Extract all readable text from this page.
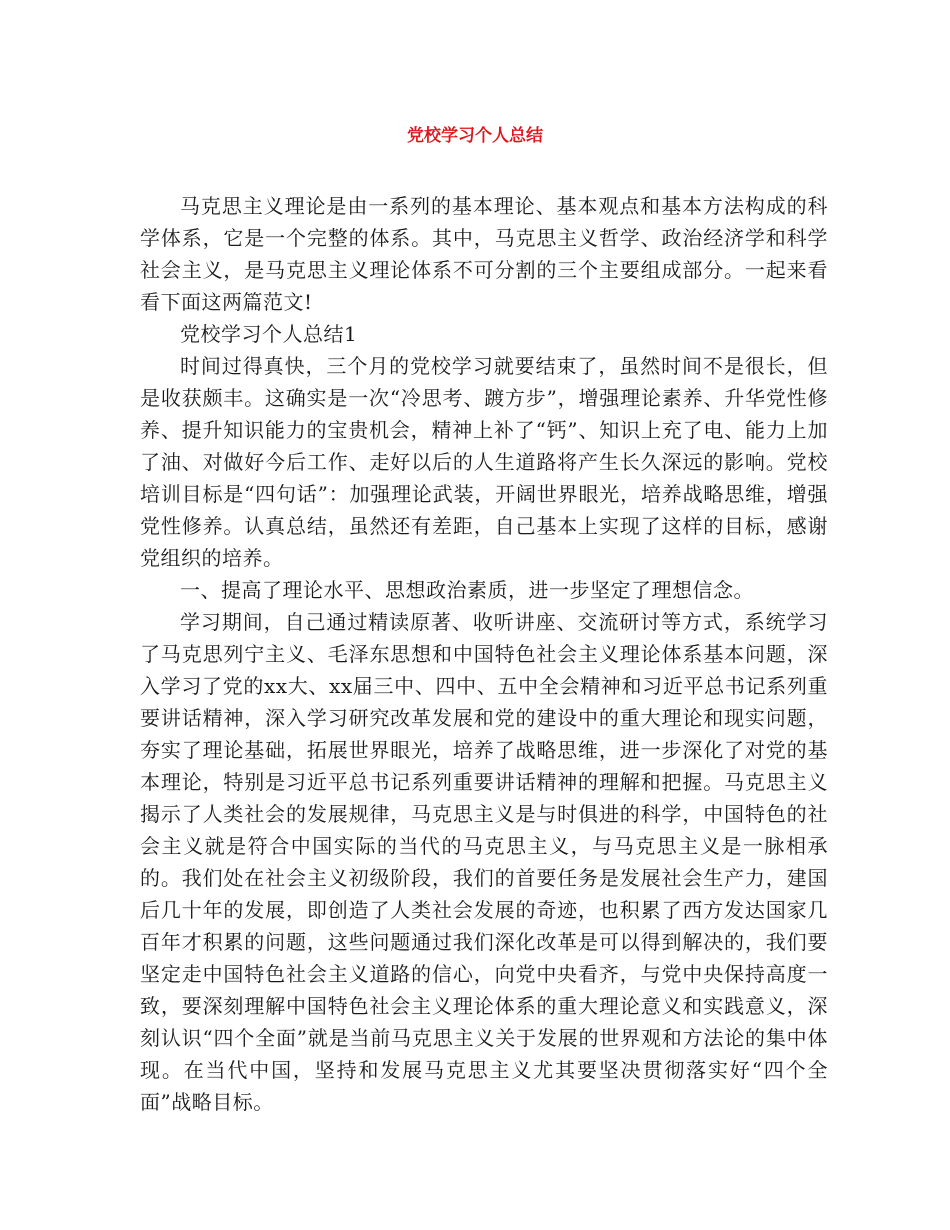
党校学习个人总结

马克思主义理论是由一系列的基本理论、基本观点和基本方法构成的科学体系，它是一个完整的体系。其中，马克思主义哲学、政治经济学和科学社会主义，是马克思主义理论体系不可分割的三个主要组成部分。一起来看看下面这两篇范文!

党校学习个人总结1

时间过得真快，三个月的党校学习就要结束了，虽然时间不是很长，但是收获颇丰。这确实是一次“冷思考、踱方步”，增强理论素养、升华党性修养、提升知识能力的宝贵机会，精神上补了“钙”、知识上充了电、能力上加了油、对做好今后工作、走好以后的人生道路将产生长久深远的影响。党校培训目标是“四句话”：加强理论武装，开阔世界眼光，培养战略思维，增强党性修养。认真总结，虽然还有差距，自己基本上实现了这样的目标，感谢党组织的培养。

一、提高了理论水平、思想政治素质，进一步坚定了理想信念。

学习期间，自己通过精读原著、收听讲座、交流研讨等方式，系统学习了马克思列宁主义、毛泽东思想和中国特色社会主义理论体系基本问题，深入学习了党的xx大、xx届三中、四中、五中全会精神和习近平总书记系列重要讲话精神，深入学习研究改革发展和党的建设中的重大理论和现实问题，夯实了理论基础，拓展世界眼光，培养了战略思维，进一步深化了对党的基本理论，特别是习近平总书记系列重要讲话精神的理解和把握。马克思主义揭示了人类社会的发展规律，马克思主义是与时俱进的科学，中国特色的社会主义就是符合中国实际的当代的马克思主义，与马克思主义是一脉相承的。我们处在社会主义初级阶段，我们的首要任务是发展社会生产力，建国后几十年的发展，即创造了人类社会发展的奇迹，也积累了西方发达国家几百年才积累的问题，这些问题通过我们深化改革是可以得到解决的，我们要坚定走中国特色社会主义道路的信心，向党中央看齐，与党中央保持高度一致，要深刻理解中国特色社会主义理论体系的重大理论意义和实践意义，深刻认识“四个全面”就是当前马克思主义关于发展的世界观和方法论的集中体现。在当代中国，坚持和发展马克思主义尤其要坚决贯彻落实好“四个全面”战略目标。
